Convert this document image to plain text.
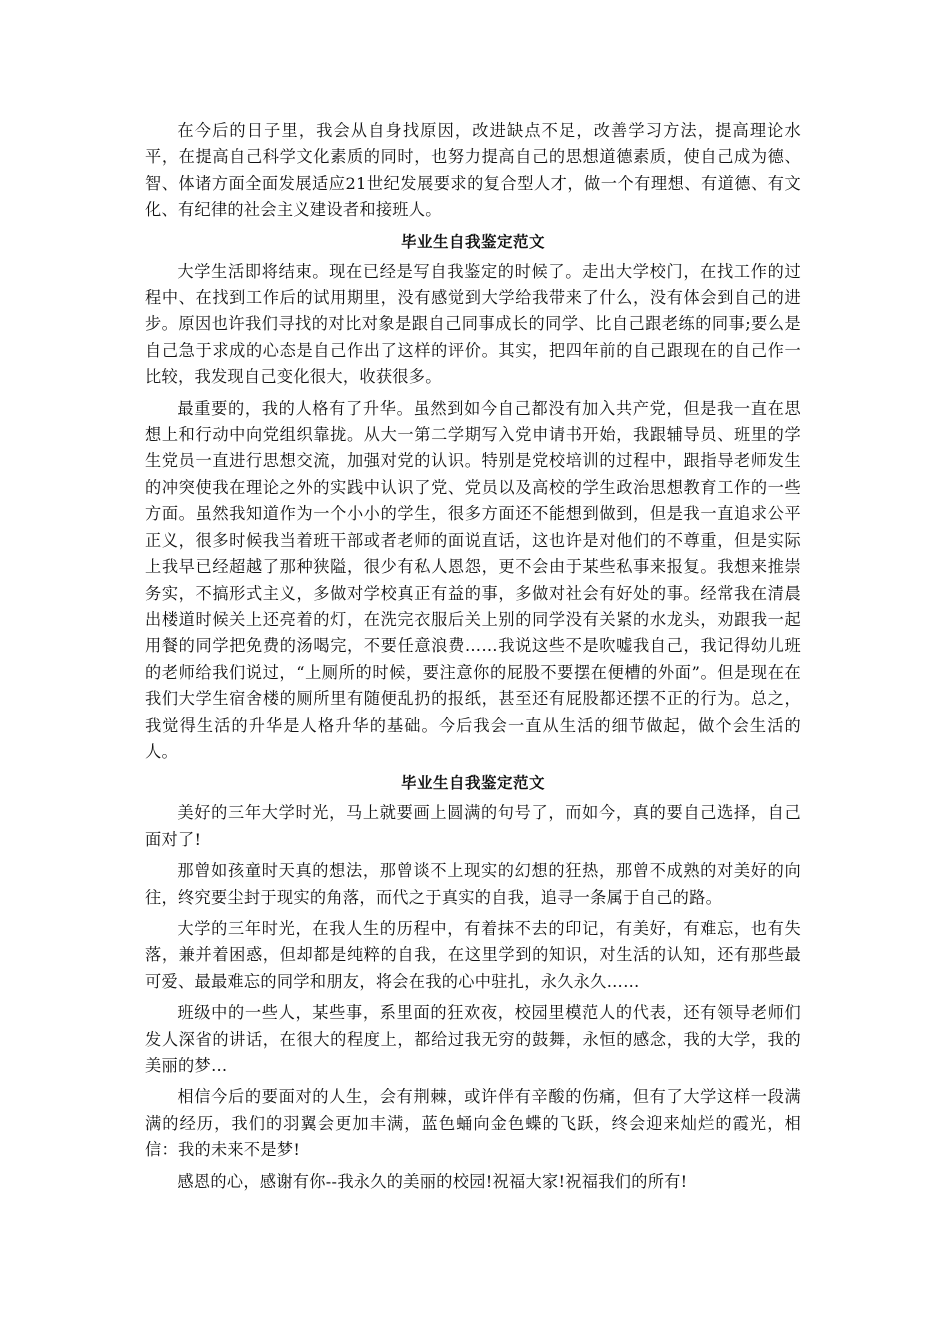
在今后的日子里，我会从自身找原因，改进缺点不足，改善学习方法，提高理论水平，在提高自己科学文化素质的同时，也努力提高自己的思想道德素质，使自己成为德、智、体诸方面全面发展适应21世纪发展要求的复合型人才，做一个有理想、有道德、有文化、有纪律的社会主义建设者和接班人。

毕业生自我鉴定范文

大学生活即将结束。现在已经是写自我鉴定的时候了。走出大学校门，在找工作的过程中、在找到工作后的试用期里，没有感觉到大学给我带来了什么，没有体会到自己的进步。原因也许我们寻找的对比对象是跟自己同事成长的同学、比自己跟老练的同事;要么是自己急于求成的心态是自己作出了这样的评价。其实，把四年前的自己跟现在的自己作一比较，我发现自己变化很大，收获很多。

最重要的，我的人格有了升华。虽然到如今自己都没有加入共产党，但是我一直在思想上和行动中向党组织靠拢。从大一第二学期写入党申请书开始，我跟辅导员、班里的学生党员一直进行思想交流，加强对党的认识。特别是党校培训的过程中，跟指导老师发生的冲突使我在理论之外的实践中认识了党、党员以及高校的学生政治思想教育工作的一些方面。虽然我知道作为一个小小的学生，很多方面还不能想到做到，但是我一直追求公平正义，很多时候我当着班干部或者老师的面说直话，这也许是对他们的不尊重，但是实际上我早已经超越了那种狭隘，很少有私人恩怨，更不会由于某些私事来报复。我想来推崇务实，不搞形式主义，多做对学校真正有益的事，多做对社会有好处的事。经常我在清晨出楼道时候关上还亮着的灯，在洗完衣服后关上别的同学没有关紧的水龙头，劝跟我一起用餐的同学把免费的汤喝完，不要任意浪费……我说这些不是吹嘘我自己，我记得幼儿班的老师给我们说过，“上厕所的时候，要注意你的屁股不要摆在便槽的外面”。但是现在在我们大学生宿舍楼的厕所里有随便乱扔的报纸，甚至还有屁股都还摆不正的行为。总之，我觉得生活的升华是人格升华的基础。今后我会一直从生活的细节做起，做个会生活的人。

毕业生自我鉴定范文

美好的三年大学时光，马上就要画上圆满的句号了，而如今，真的要自己选择，自己面对了!

那曾如孩童时天真的想法，那曾谈不上现实的幻想的狂热，那曾不成熟的对美好的向往，终究要尘封于现实的角落，而代之于真实的自我，追寻一条属于自己的路。

大学的三年时光，在我人生的历程中，有着抹不去的印记，有美好，有难忘，也有失落，兼并着困惑，但却都是纯粹的自我，在这里学到的知识，对生活的认知，还有那些最可爱、最最难忘的同学和朋友，将会在我的心中驻扎，永久永久……

班级中的一些人，某些事，系里面的狂欢夜，校园里模范人的代表，还有领导老师们发人深省的讲话，在很大的程度上，都给过我无穷的鼓舞，永恒的感念，我的大学，我的美丽的梦…

相信今后的要面对的人生，会有荆棘，或许伴有辛酸的伤痛，但有了大学这样一段满满的经历，我们的羽翼会更加丰满，蓝色蛹向金色蝶的飞跃，终会迎来灿烂的霞光，相信：我的未来不是梦!

感恩的心，感谢有你--我永久的美丽的校园!祝福大家!祝福我们的所有!
